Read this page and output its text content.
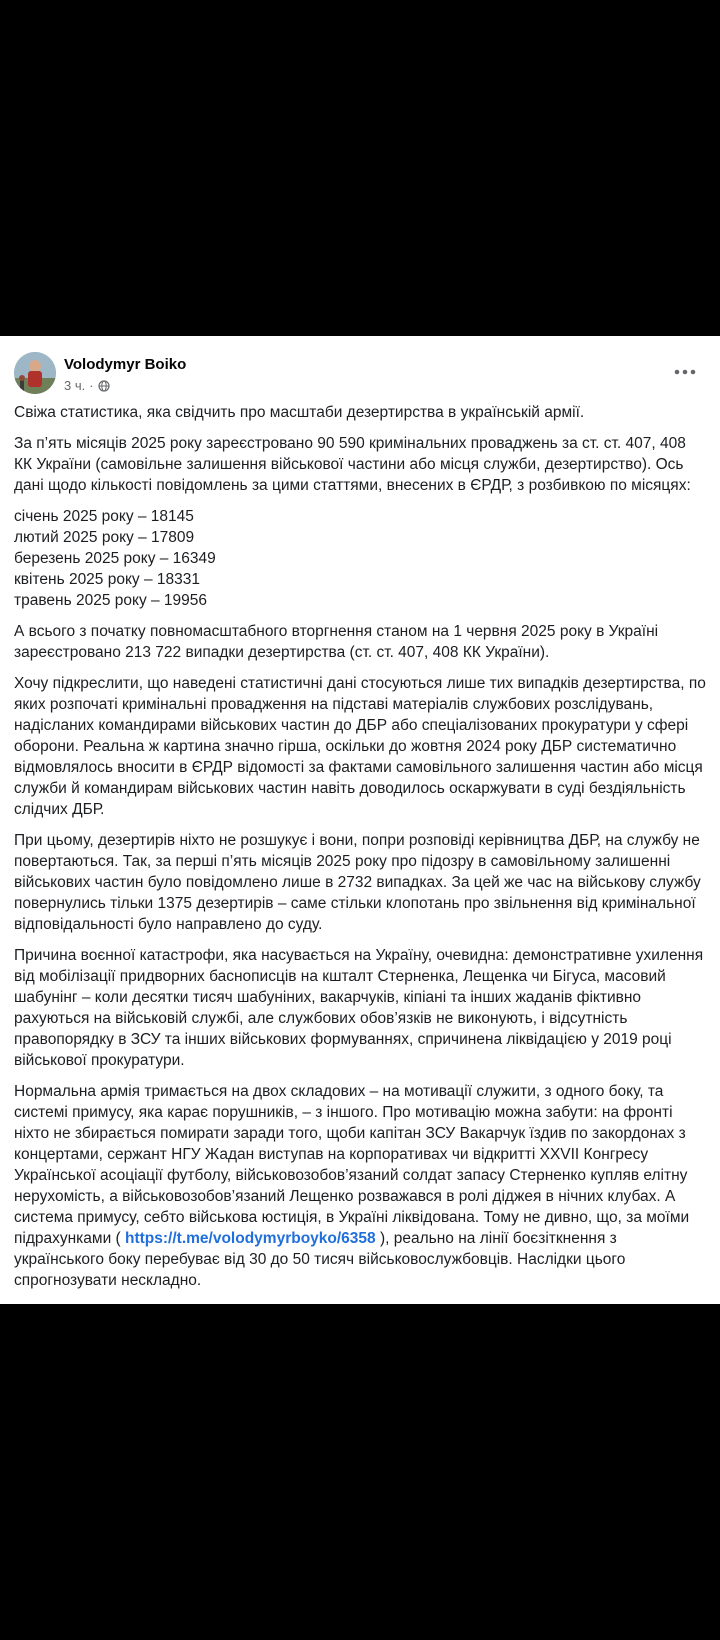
Volodymyr Boiko
3 ч. ·

Свіжа статистика, яка свідчить про масштаби дезертирства в українській армії.

За п’ять місяців 2025 року зареєстровано 90 590 кримінальних проваджень за ст. ст. 407, 408 КК України (самовільне залишення військової частини або місця служби, дезертирство). Ось дані щодо кількості повідомлень за цими статтями, внесених в ЄРДР, з розбивкою по місяцях:

січень 2025 року – 18145
лютий 2025 року – 17809
березень 2025 року – 16349
квітень 2025 року – 18331
травень 2025 року – 19956

А всього з початку повномасштабного вторгнення станом на 1 червня 2025 року в Україні зареєстровано 213 722 випадки дезертирства (ст. ст. 407, 408 КК України).

Хочу підкреслити, що наведені статистичні дані стосуються лише тих випадків дезертирства, по яких розпочаті кримінальні провадження на підставі матеріалів службових розслідувань, надісланих командирами військових частин до ДБР або спеціалізованих прокуратури у сфері оборони. Реальна ж картина значно гірша, оскільки до жовтня 2024 року ДБР систематично відмовлялось вносити в ЄРДР відомості за фактами самовільного залишення частин або місця служби й командирам військових частин навіть доводилось оскаржувати в суді бездіяльність слідчих ДБР.

При цьому, дезертирів ніхто не розшукує і вони, попри розповіді керівництва ДБР, на службу не повертаються. Так, за перші п’ять місяців 2025 року про підозру в самовільному залишенні військових частин було повідомлено лише в 2732 випадках. За цей же час на військову службу повернулись тільки 1375 дезертирів – саме стільки клопотань про звільнення від кримінальної відповідальності було направлено до суду.

Причина воєнної катастрофи, яка насувається на Україну, очевидна: демонстративне ухилення від мобілізації придворних баснописців на кшталт Стерненка, Лещенка чи Бігуса, масовий шабунінг – коли десятки тисяч шабуніних, вакарчуків, кіпіані та інших жаданів фіктивно рахуються на військовій службі, але службових обов’язків не виконують, і відсутність правопорядку в ЗСУ та інших військових формуваннях, спричинена ліквідацією у 2019 році військової прокуратури.

Нормальна армія тримається на двох складових – на мотивації служити, з одного боку, та системі примусу, яка карає порушників, – з іншого. Про мотивацію можна забути: на фронті ніхто не збирається помирати заради того, щоби капітан ЗСУ Вакарчук їздив по закордонах з концертами, сержант НГУ Жадан виступав на корпоративах чи відкритті XXVII Конгресу Української асоціації футболу, військовозобов’язаний солдат запасу Стерненко купляв елітну нерухомість, а військовозобов’язаний Лещенко розважався в ролі діджея в нічних клубах. А система примусу, себто військова юстиція, в Україні ліквідована. Тому не дивно, що, за моїми підрахунками ( https://t.me/volodymyrboyko/6358 ), реально на лінії боєзіткнення з українського боку перебуває від 30 до 50 тисяч військовослужбовців. Наслідки цього спрогнозувати нескладно.
